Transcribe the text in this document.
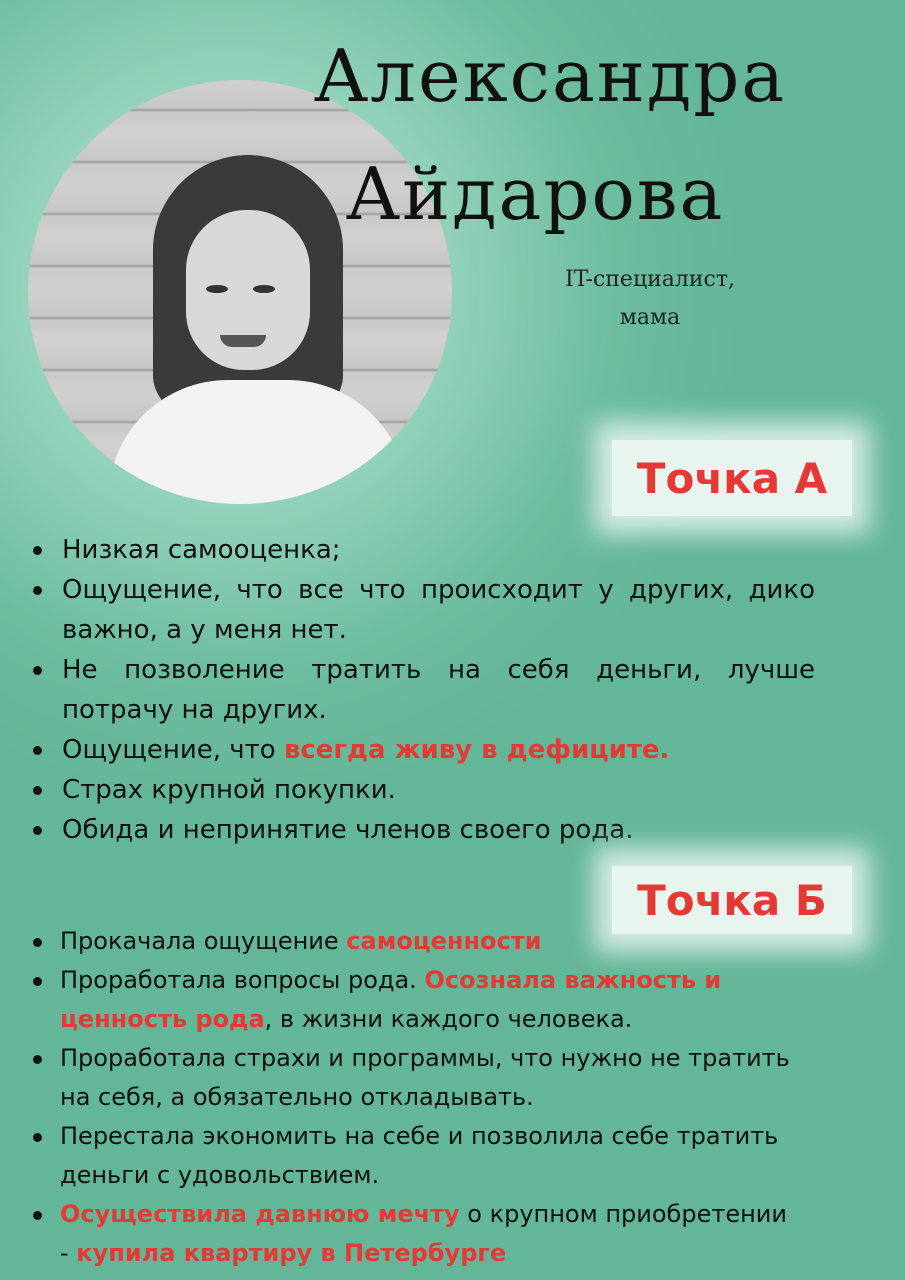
Александра
Айдарова
IT-специалист,
мама
Точка А
Низкая самооценка;
Ощущение, что все что происходит у других, дико важно, а у меня нет.
Не позволение тратить на себя деньги, лучше потрачу на других.
Ощущение, что всегда живу в дефиците.
Страх крупной покупки.
Обида и непринятие членов своего рода.
Точка Б
Прокачала ощущение самоценности
Проработала вопросы рода. Осознала важность и ценность рода, в жизни каждого человека.
Проработала страхи и программы, что нужно не тратить на себя, а обязательно откладывать.
Перестала экономить на себе и позволила себе тратить деньги с удовольствием.
Осуществила давнюю мечту о крупном приобретении - купила квартиру в Петербурге
